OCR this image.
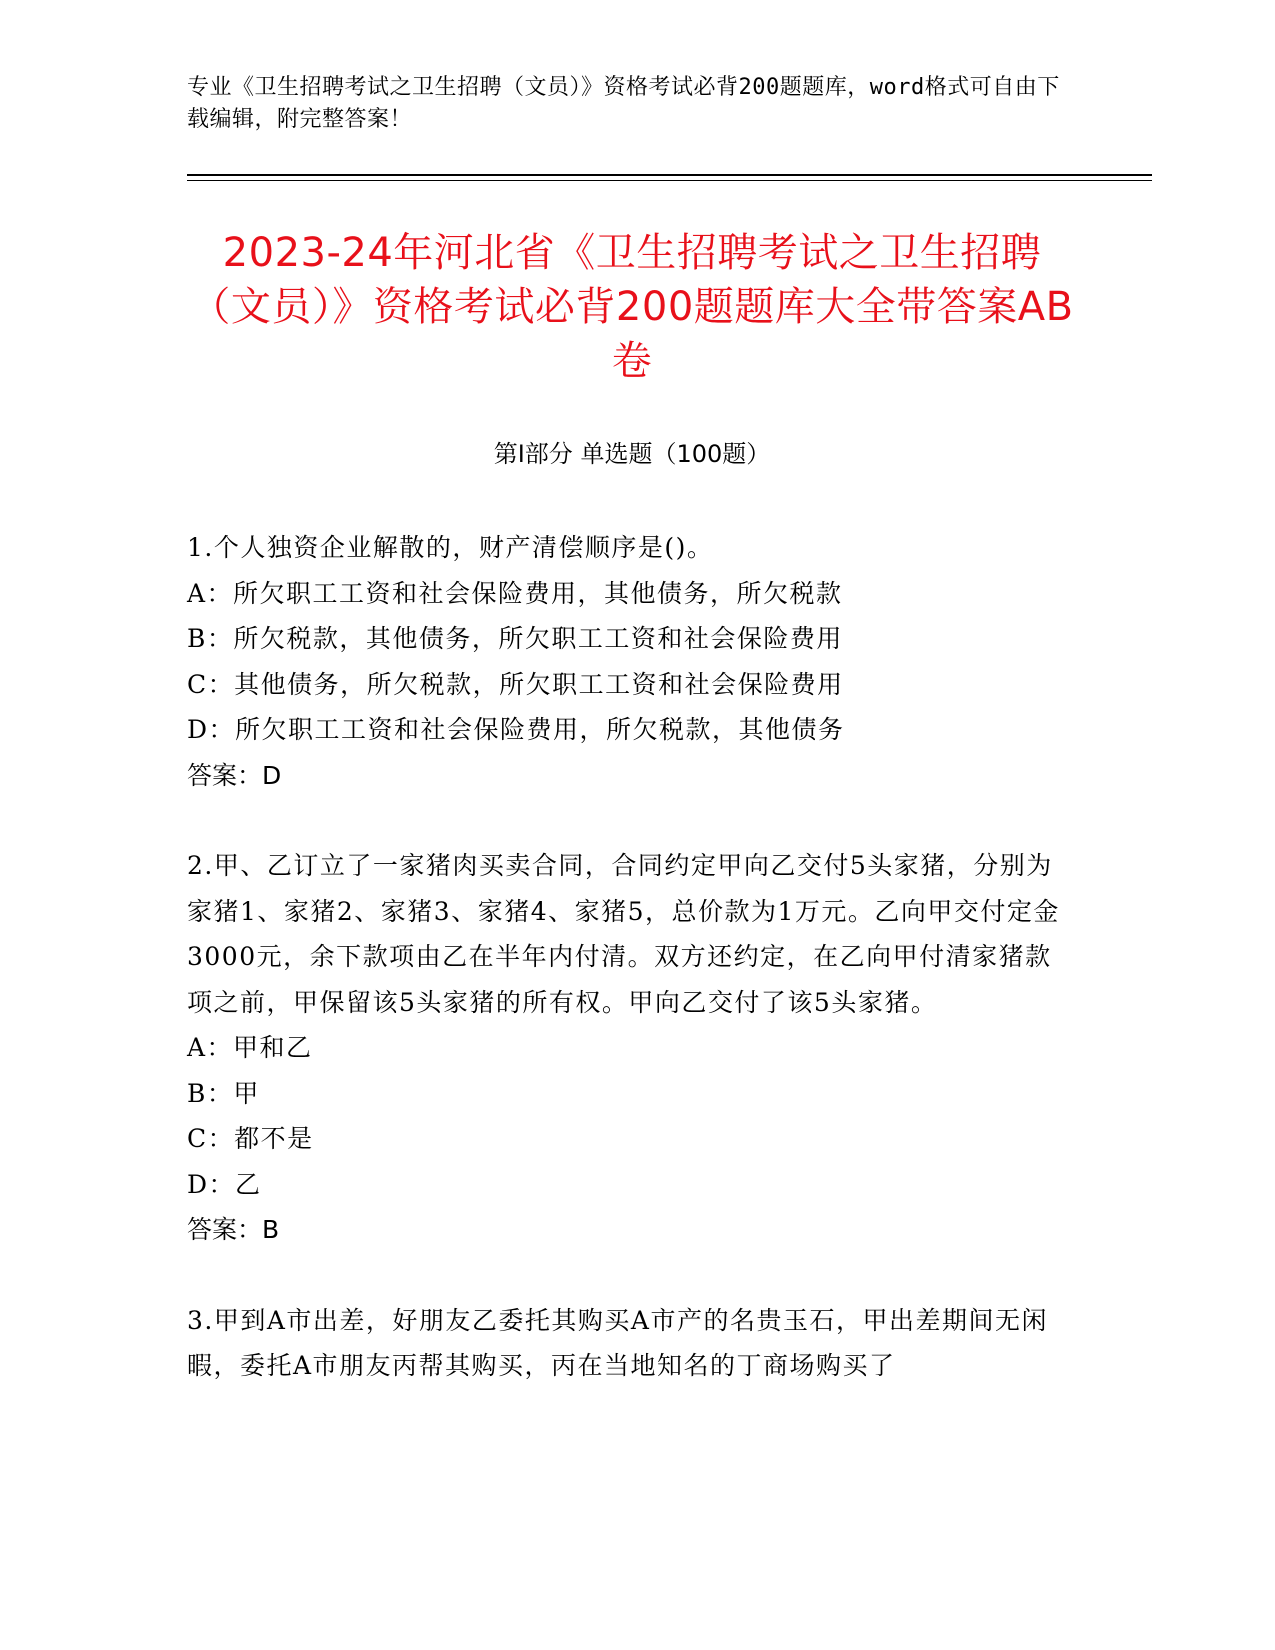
专业《卫生招聘考试之卫生招聘（文员）》资格考试必背200题题库，word格式可自由下载编辑，附完整答案！
2023-24年河北省《卫生招聘考试之卫生招聘（文员）》资格考试必背200题题库大全带答案AB卷
第Ⅰ部分 单选题（100题）

1.个人独资企业解散的，财产清偿顺序是()。

A：所欠职工工资和社会保险费用，其他债务，所欠税款

B：所欠税款，其他债务，所欠职工工资和社会保险费用

C：其他债务，所欠税款，所欠职工工资和社会保险费用

D：所欠职工工资和社会保险费用，所欠税款，其他债务

答案：D

2.甲、乙订立了一家猪肉买卖合同，合同约定甲向乙交付5头家猪，分别为家猪1、家猪2、家猪3、家猪4、家猪5，总价款为1万元。乙向甲交付定金3000元，余下款项由乙在半年内付清。双方还约定，在乙向甲付清家猪款项之前，甲保留该5头家猪的所有权。甲向乙交付了该5头家猪。

A：甲和乙

B：甲

C：都不是

D：乙

答案：B

3.甲到A市出差，好朋友乙委托其购买A市产的名贵玉石，甲出差期间无闲暇，委托A市朋友丙帮其购买，丙在当地知名的丁商场购买了
